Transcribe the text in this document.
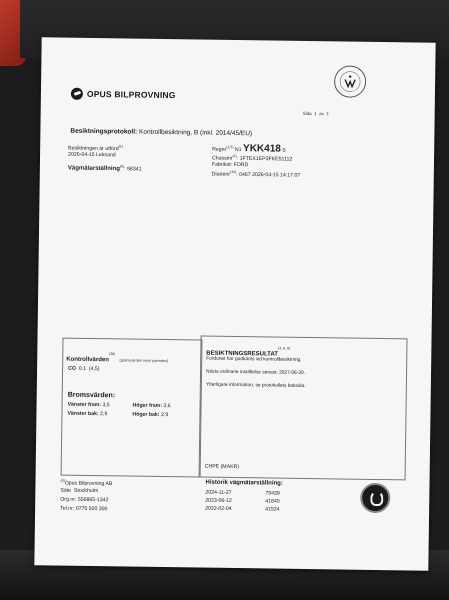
OPUS BILPROVNING
Sida 1 av 1
Besiktningsprotokoll: Kontrollbesiktning, B (inkl. 2014/45/EU)
Besiktningen är utförd$^{(1)}$
2026-04-15 Leksand
Vägmätarställning$^{(8)}$: 98341
Regnr$^{(1,5)}$ N1 YKK418 S
Chassinr$^{(1)}$: 1FTEX1EP3FKE51112
Fabrikat: FORD
Diarienr$^{(15)}$: 0467 2026-04-15 14:17:07
Kontrollvärden$^{(38)}$ (gränsvärden inom parentes)
CO 0,1 (4,5)
Bromsvärden:
Vänster fram: 3,5	Höger fram: 3,6
Vänster bak: 2,9	Höger bak: 2,9
BESIKTNINGSRESULTAT$^{(3, 6, 9)}$
Fordonet har godkänts vid kontrollbesiktning.
Nästa ordinarie inställelse senast: 2027-06-30.
Ytterligare information, se protokollets baksida.
CHPE (MAKR)
$^{(8)}$Opus Bilprovning AB
Säte Stockholm
Org.nr: 556865-1342
Tel.nr: 0775 500 300
Historik vägmätarställning:
2024-11-27	79439
2023-06-12	41840
2022-02-04	41524
